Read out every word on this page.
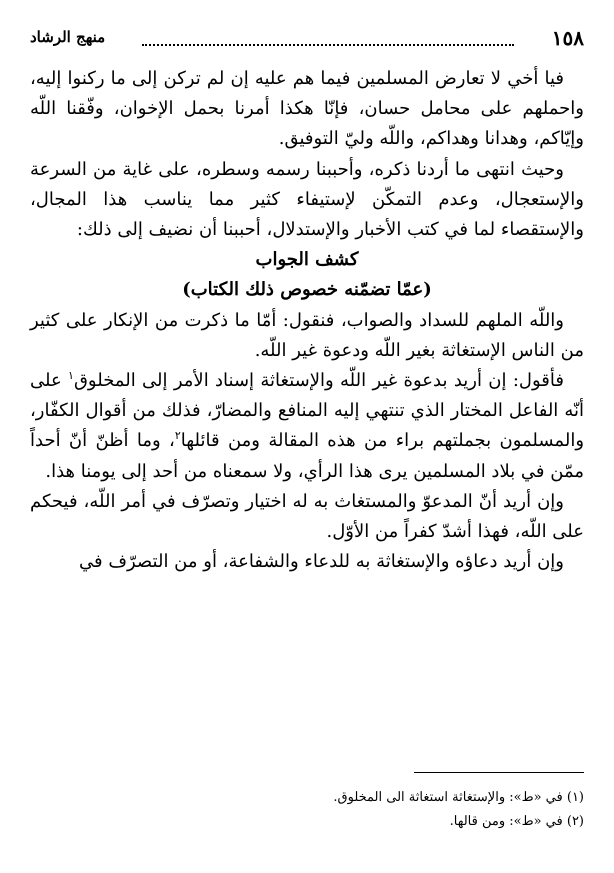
١٥٨
منهج الرشاد

فيا أخي لا تعارض المسلمين فيما هم عليه إن لم تركن إلى ما ركنوا إليه، واحملهم على محامل حسان، فإنّا هكذا أمرنا بحمل الإخوان، وفّقنا اللّه وإيّاكم، وهدانا وهداكم، واللّه وليّ التوفيق.

وحيث انتهى ما أردنا ذكره، وأحببنا رسمه وسطره، على غاية من السرعة والإستعجال، وعدم التمكّن لإستيفاء كثير مما يناسب هذا المجال، والإستقصاء لما في كتب الأخبار والإستدلال، أحببنا أن نضيف إلى ذلك:

كشف الجواب

(عمّا تضمّنه خصوص ذلك الكتاب)

واللّه الملهم للسداد والصواب، فنقول: أمّا ما ذكرت من الإنكار على كثير من الناس الإستغاثة بغير اللّه ودعوة غير اللّه.

فأقول: إن أريد بدعوة غير اللّه والإستغاثة إسناد الأمر إلى المخلوق$^١$ على أنّه الفاعل المختار الذي تنتهي إليه المنافع والمضارّ، فذلك من أقوال الكفّار، والمسلمون بجملتهم براء من هذه المقالة ومن قائلها$^٢$، وما أظنّ أنّ أحداً ممّن في بلاد المسلمين يرى هذا الرأي، ولا سمعناه من أحد إلى يومنا هذا.

وإن أريد أنّ المدعوّ والمستغاث به له اختيار وتصرّف في أمر اللّه، فيحكم على اللّه، فهذا أشدّ كفراً من الأوّل.

وإن أريد دعاؤه والإستغاثة به للدعاء والشفاعة، أو من التصرّف في

(١) في «ط»: والإستغاثة استغاثة الى المخلوق.

(٢) في «ط»: ومن قالها.
